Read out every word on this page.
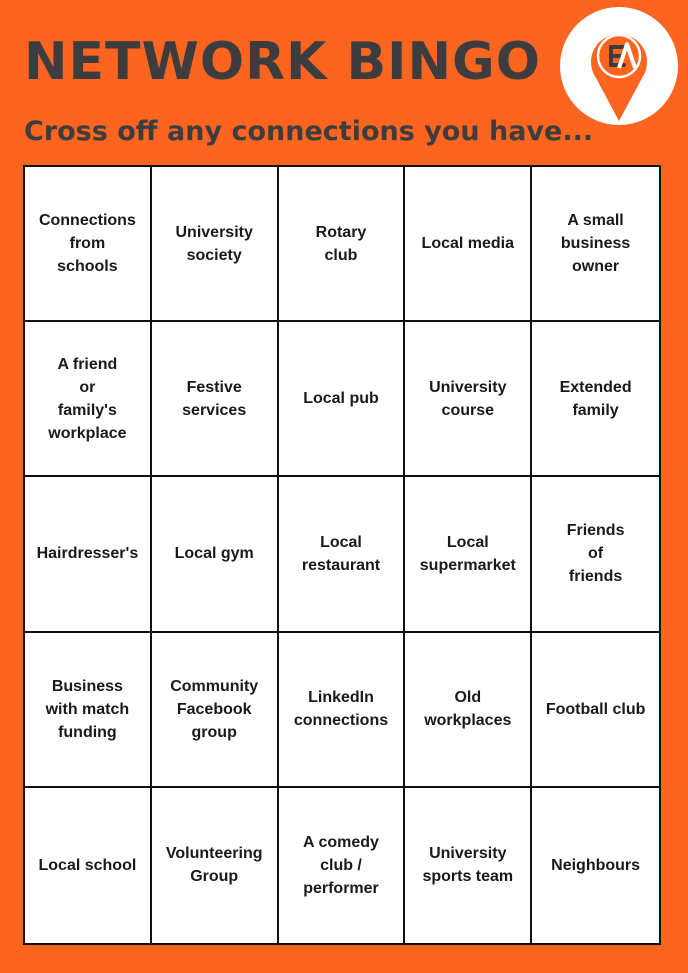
NETWORK BINGO
Cross off any connections you have...
Connections
from
schools
University
society
Rotary
club
Local media
A small
business
owner
A friend
or
family's
workplace
Festive
services
Local pub
University
course
Extended
family
Hairdresser's	Local gym
Local
restaurant
Local
supermarket
Friends
of
friends
Business
with match
funding
Community
Facebook
group
LinkedIn
connections
Old
workplaces
Football club
Local school
Volunteering
Group
A comedy
club /
performer
University
sports team
Neighbours
